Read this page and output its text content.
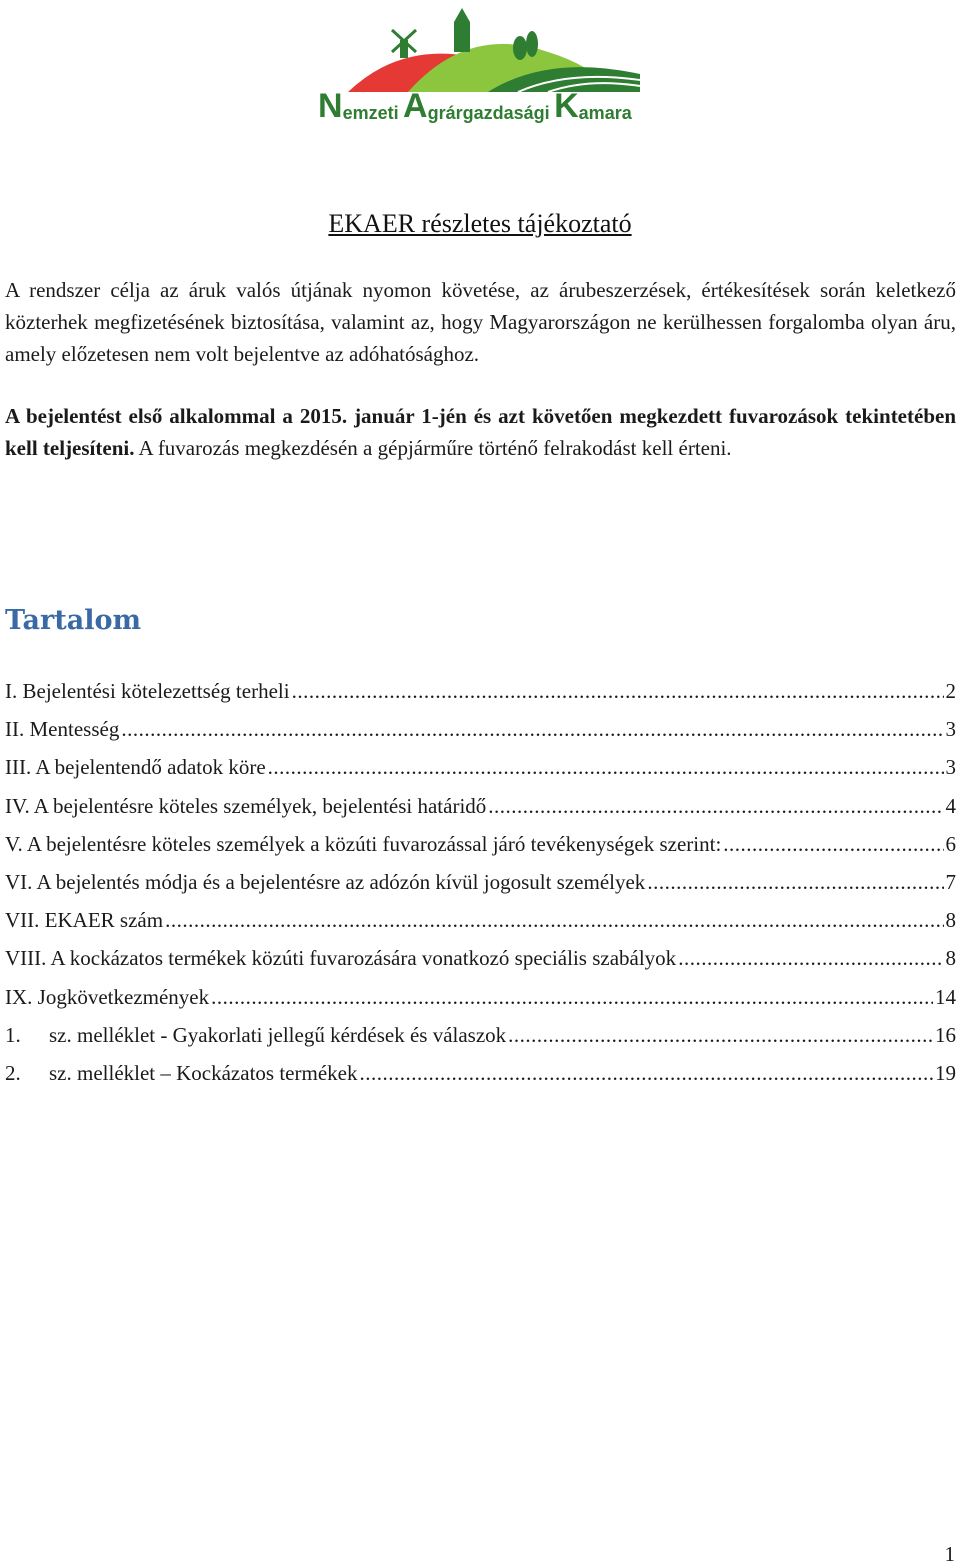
Nemzeti Agrárgazdasági Kamara
EKAER részletes tájékoztató

A rendszer célja az áruk valós útjának nyomon követése, az árubeszerzések, értékesítések során keletkező közterhek megfizetésének biztosítása, valamint az, hogy Magyarországon ne kerülhessen forgalomba olyan áru, amely előzetesen nem volt bejelentve az adóhatósághoz.

A bejelentést első alkalommal a 2015. január 1-jén és azt követően megkezdett fuvarozások tekintetében kell teljesíteni. A fuvarozás megkezdésén a gépjárműre történő felrakodást kell érteni.

Tartalom
I. Bejelentési kötelezettség terheli .....	2
II. Mentesség .....	3
III. A bejelentendő adatok köre .....	3
IV. A bejelentésre köteles személyek, bejelentési határidő .....	4
V. A bejelentésre köteles személyek a közúti fuvarozással járó tevékenységek szerint: .....	6
VI. A bejelentés módja és a bejelentésre az adózón kívül jogosult személyek .....	7
VII. EKAER szám .....	8
VIII. A kockázatos termékek közúti fuvarozására vonatkozó speciális szabályok .....	8
IX. Jogkövetkezmények .....	14
1. sz. melléklet - Gyakorlati jellegű kérdések és válaszok .....	16
2. sz. melléklet – Kockázatos termékek .....	19
1
